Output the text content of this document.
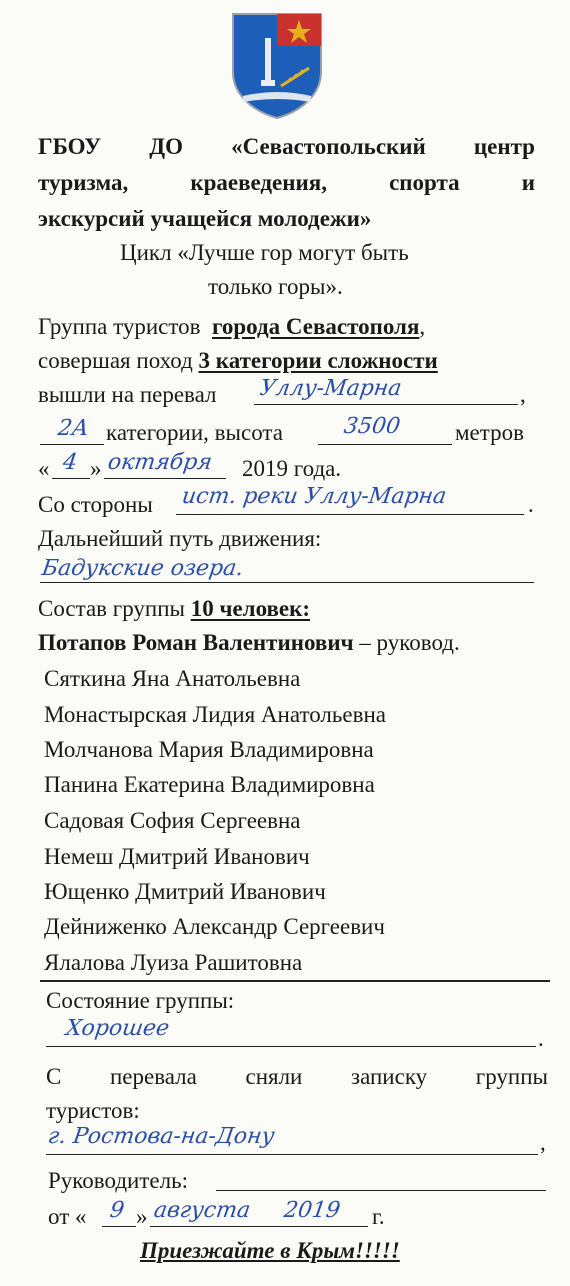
ГБОУ ДО «Севастопольский центр
туризма,	краеведения,	спорта	и
экскурсий учащейся молодежи»
Цикл «Лучше гор могут быть
только горы».
Группа туристов города Севастополя,
совершая поход 3 категории сложности
вышли на перевал Уллу-Марна	,
2А категории, высота	3500 метров
« 4 » октября 2019 года.
Со стороны ист. реки Уллу-Марна	.
Дальнейший путь движения:
Бадукские озера.
Состав группы 10 человек:
Потапов Роман Валентинович – руковод.
Сяткина Яна Анатольевна
Монастырская Лидия Анатольевна
Молчанова Мария Владимировна
Панина Екатерина Владимировна
Садовая София Сергеевна
Немеш Дмитрий Иванович
Ющенко Дмитрий Иванович
Дейниженко Александр Сергеевич
Ялалова Луиза Рашитовна
Состояние группы:
Хорошее	.
С перевала сняли записку группы
туристов:
г. Ростова-на-Дону	,
Руководитель:
от « 9 » августа 2019 г.
Приезжайте в Крым!!!!!
